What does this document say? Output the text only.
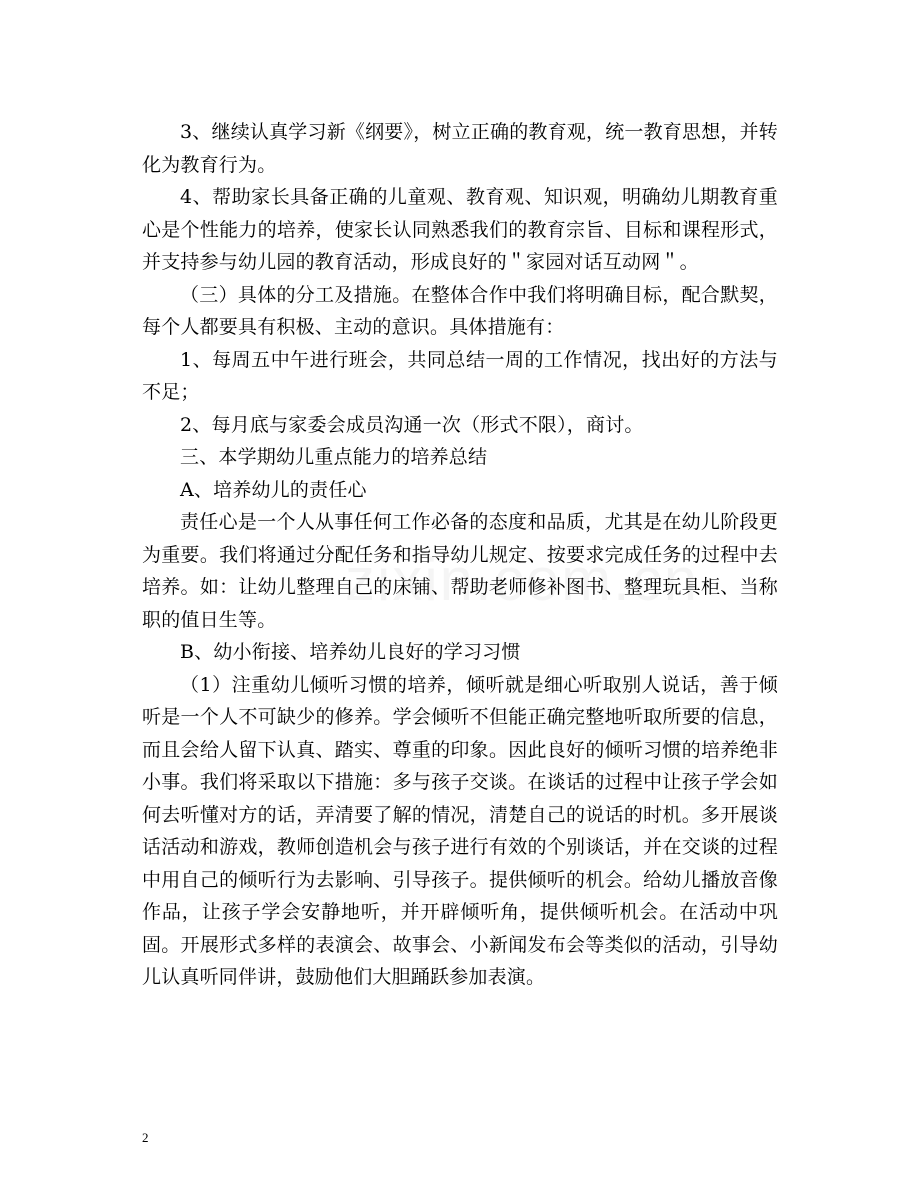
3、继续认真学习新《纲要》，树立正确的教育观，统一教育思想，并转化为教育行为。

4、帮助家长具备正确的儿童观、教育观、知识观，明确幼儿期教育重心是个性能力的培养，使家长认同熟悉我们的教育宗旨、目标和课程形式，并支持参与幼儿园的教育活动，形成良好的＂家园对话互动网＂。

（三）具体的分工及措施。在整体合作中我们将明确目标，配合默契，每个人都要具有积极、主动的意识。具体措施有：

1、每周五中午进行班会，共同总结一周的工作情况，找出好的方法与不足；

2、每月底与家委会成员沟通一次（形式不限），商讨。

三、本学期幼儿重点能力的培养总结

A、培养幼儿的责任心

责任心是一个人从事任何工作必备的态度和品质，尤其是在幼儿阶段更为重要。我们将通过分配任务和指导幼儿规定、按要求完成任务的过程中去培养。如：让幼儿整理自己的床铺、帮助老师修补图书、整理玩具柜、当称职的值日生等。

B、幼小衔接、培养幼儿良好的学习习惯

（1）注重幼儿倾听习惯的培养，倾听就是细心听取别人说话，善于倾听是一个人不可缺少的修养。学会倾听不但能正确完整地听取所要的信息，而且会给人留下认真、踏实、尊重的印象。因此良好的倾听习惯的培养绝非小事。我们将采取以下措施：多与孩子交谈。在谈话的过程中让孩子学会如何去听懂对方的话，弄清要了解的情况，清楚自己的说话的时机。多开展谈话活动和游戏，教师创造机会与孩子进行有效的个别谈话，并在交谈的过程中用自己的倾听行为去影响、引导孩子。提供倾听的机会。给幼儿播放音像作品，让孩子学会安静地听，并开辟倾听角，提供倾听机会。在活动中巩固。开展形式多样的表演会、故事会、小新闻发布会等类似的活动，引导幼儿认真听同伴讲，鼓励他们大胆踊跃参加表演。

2
